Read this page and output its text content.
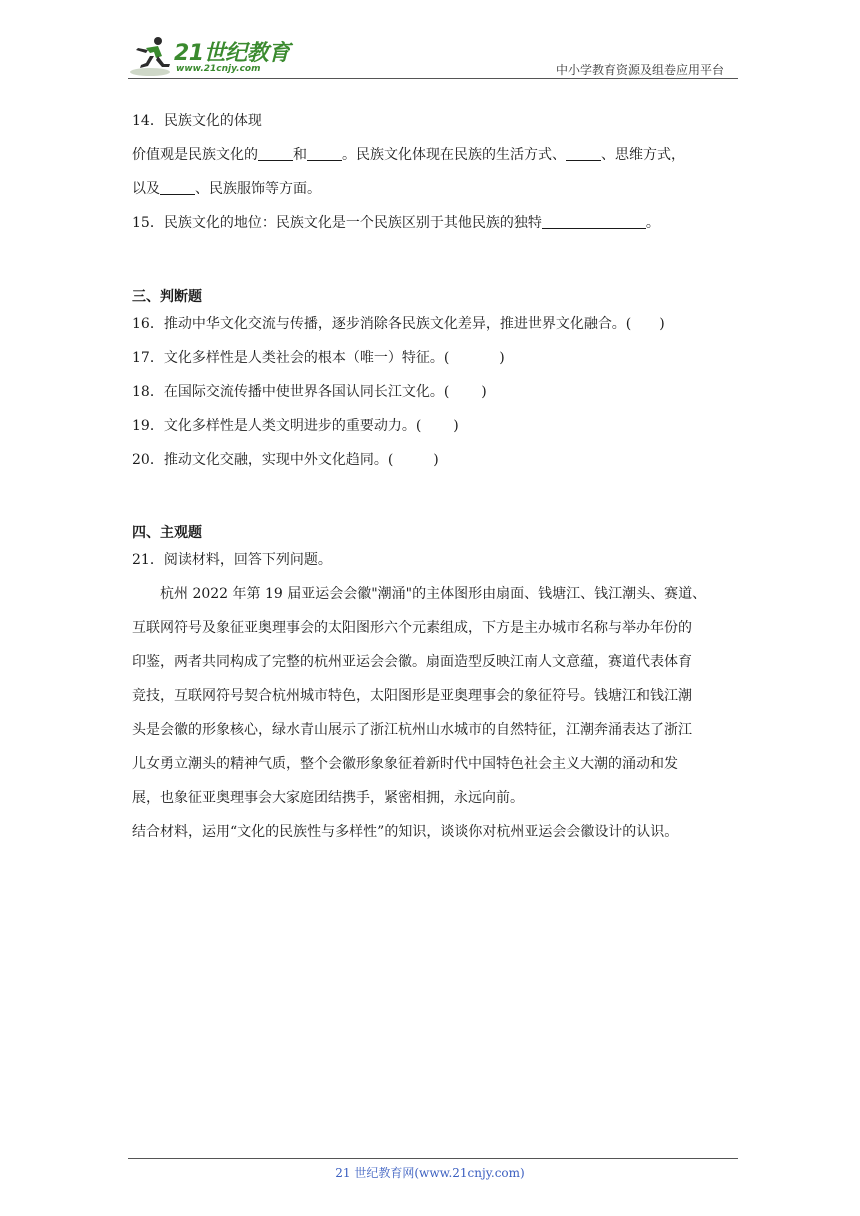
21世纪教育
www.21cnjy.com	中小学教育资源及组卷应用平台
14．民族文化的体现
价值观是民族文化的	和	。民族文化体现在民族的生活方式、	、思维方式，
以及	、民族服饰等方面。
15．民族文化的地位：民族文化是一个民族区别于其他民族的独特	。
三、判断题
16．推动中华文化交流与传播，逐步消除各民族文化差异，推进世界文化融合。( )
17．文化多样性是人类社会的根本（唯一）特征。(	)
18．在国际交流传播中使世界各国认同长江文化。( )
19．文化多样性是人类文明进步的重要动力。( )
20．推动文化交融，实现中外文化趋同。(	)
四、主观题
21．阅读材料，回答下列问题。
杭州 2022 年第 19 届亚运会会徽"潮涌"的主体图形由扇面、钱塘江、钱江潮头、赛道、
互联网符号及象征亚奥理事会的太阳图形六个元素组成，下方是主办城市名称与举办年份的
印鉴，两者共同构成了完整的杭州亚运会会徽。扇面造型反映江南人文意蕴，赛道代表体育
竞技，互联网符号契合杭州城市特色，太阳图形是亚奥理事会的象征符号。钱塘江和钱江潮
头是会徽的形象核心，绿水青山展示了浙江杭州山水城市的自然特征，江潮奔涌表达了浙江
儿女勇立潮头的精神气质，整个会徽形象象征着新时代中国特色社会主义大潮的涌动和发
展，也象征亚奥理事会大家庭团结携手，紧密相拥，永远向前。
结合材料，运用“文化的民族性与多样性”的知识，谈谈你对杭州亚运会会徽设计的认识。
21 世纪教育网(www.21cnjy.com)
